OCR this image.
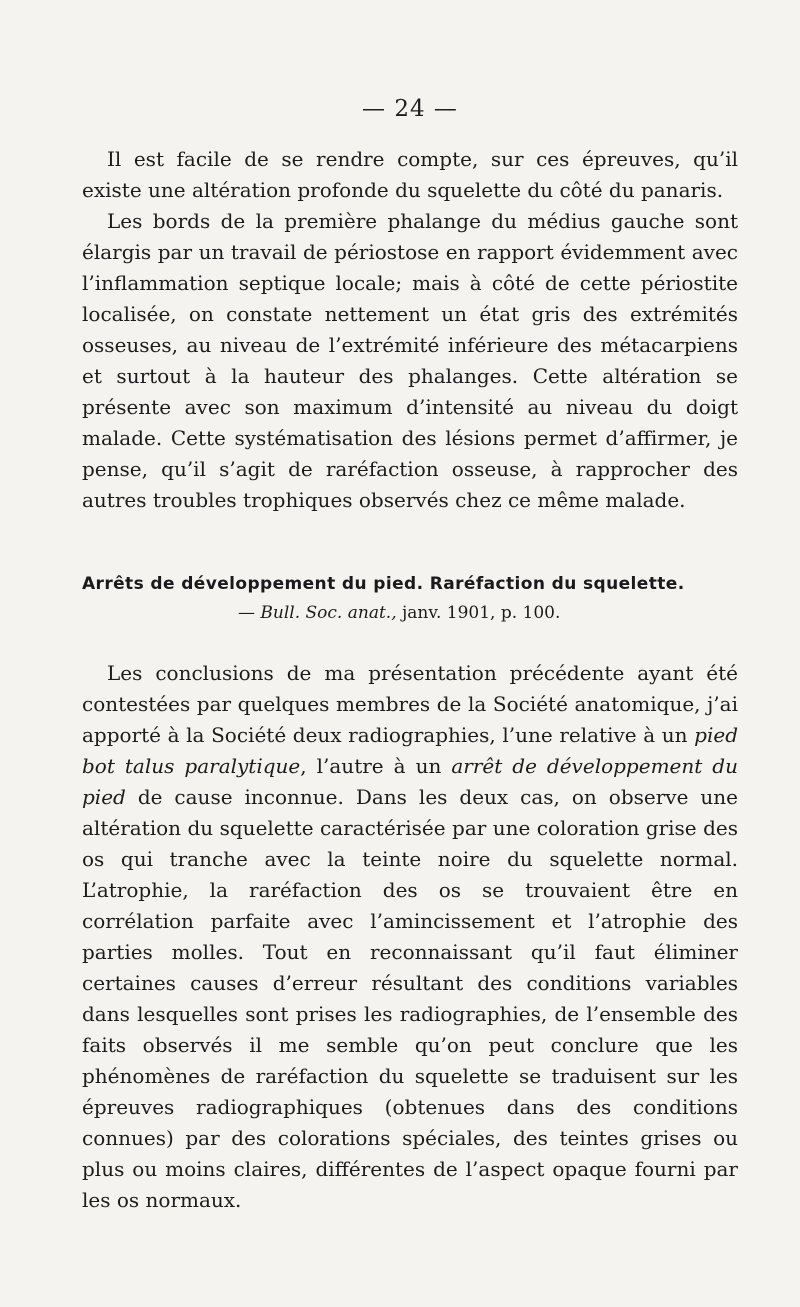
— 24 —

Il est facile de se rendre compte, sur ces épreuves, qu’il existe une altération profonde du squelette du côté du panaris.

Les bords de la première phalange du médius gauche sont élargis par un travail de périostose en rapport évidemment avec l’inflammation septique locale; mais à côté de cette périostite localisée, on constate nettement un état gris des extrémités osseuses, au niveau de l’extrémité inférieure des métacarpiens et surtout à la hauteur des phalanges. Cette altération se présente avec son maximum d’intensité au niveau du doigt malade. Cette systématisation des lésions permet d’affirmer, je pense, qu’il s’agit de raréfaction osseuse, à rapprocher des autres troubles trophiques observés chez ce même malade.

Arrêts de développement du pied. Raréfaction du squelette.
— Bull. Soc. anat., janv. 1901, p. 100.

Les conclusions de ma présentation précédente ayant été contestées par quelques membres de la Société anatomique, j’ai apporté à la Société deux radiographies, l’une relative à un pied bot talus paralytique, l’autre à un arrêt de développement du pied de cause inconnue. Dans les deux cas, on observe une altération du squelette caractérisée par une coloration grise des os qui tranche avec la teinte noire du squelette normal. L’atrophie, la raréfaction des os se trouvaient être en corrélation parfaite avec l’amincissement et l’atrophie des parties molles. Tout en reconnaissant qu’il faut éliminer certaines causes d’erreur résultant des conditions variables dans lesquelles sont prises les radiographies, de l’ensemble des faits observés il me semble qu’on peut conclure que les phénomènes de raréfaction du squelette se traduisent sur les épreuves radiographiques (obtenues dans des conditions connues) par des colorations spéciales, des teintes grises ou plus ou moins claires, différentes de l’aspect opaque fourni par les os normaux.
